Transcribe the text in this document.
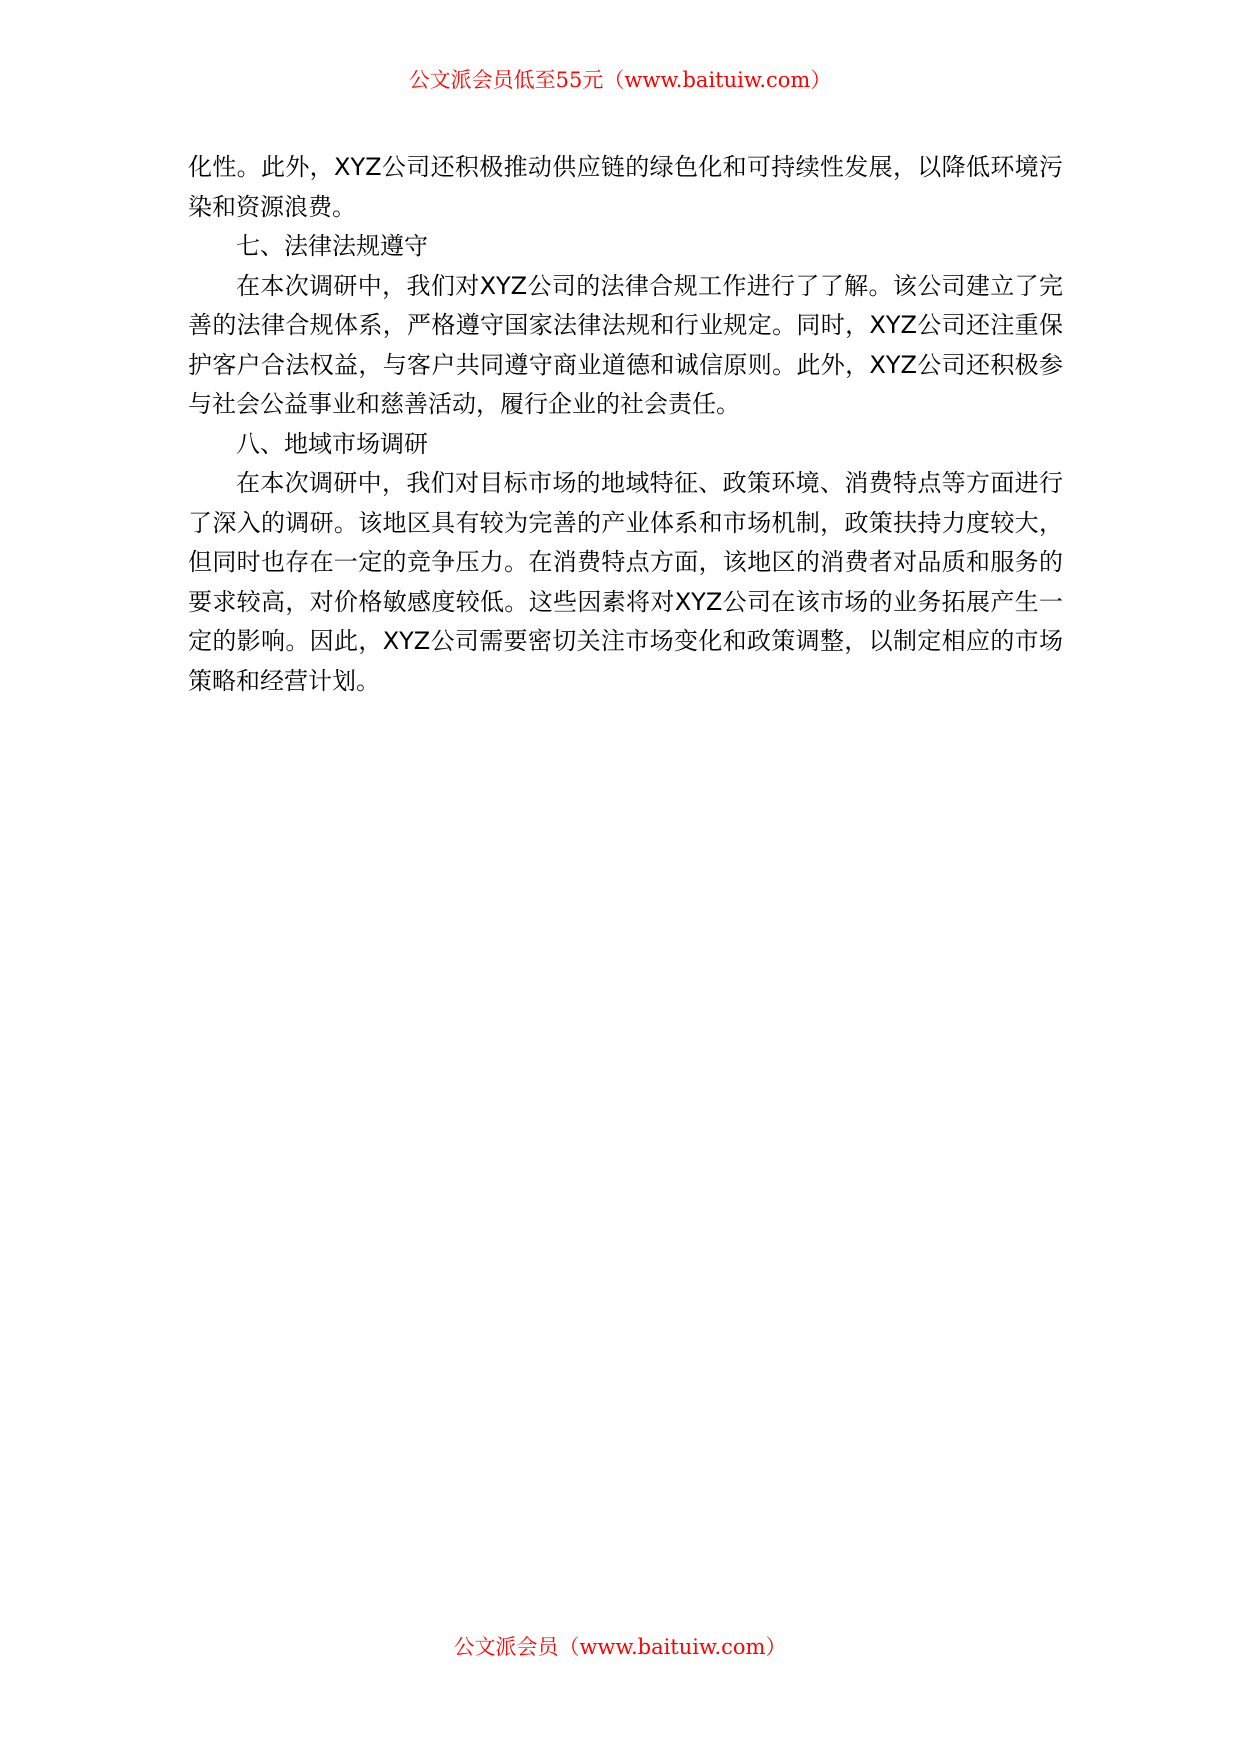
公文派会员低至55元（www.baituiw.com）

化性。此外，XYZ公司还积极推动供应链的绿色化和可持续性发展，以降低环境污染和资源浪费。

七、法律法规遵守

在本次调研中，我们对XYZ公司的法律合规工作进行了了解。该公司建立了完善的法律合规体系，严格遵守国家法律法规和行业规定。同时，XYZ公司还注重保护客户合法权益，与客户共同遵守商业道德和诚信原则。此外，XYZ公司还积极参与社会公益事业和慈善活动，履行企业的社会责任。

八、地域市场调研

在本次调研中，我们对目标市场的地域特征、政策环境、消费特点等方面进行了深入的调研。该地区具有较为完善的产业体系和市场机制，政策扶持力度较大，但同时也存在一定的竞争压力。在消费特点方面，该地区的消费者对品质和服务的要求较高，对价格敏感度较低。这些因素将对XYZ公司在该市场的业务拓展产生一定的影响。因此，XYZ公司需要密切关注市场变化和政策调整，以制定相应的市场策略和经营计划。

公文派会员（www.baituiw.com）
